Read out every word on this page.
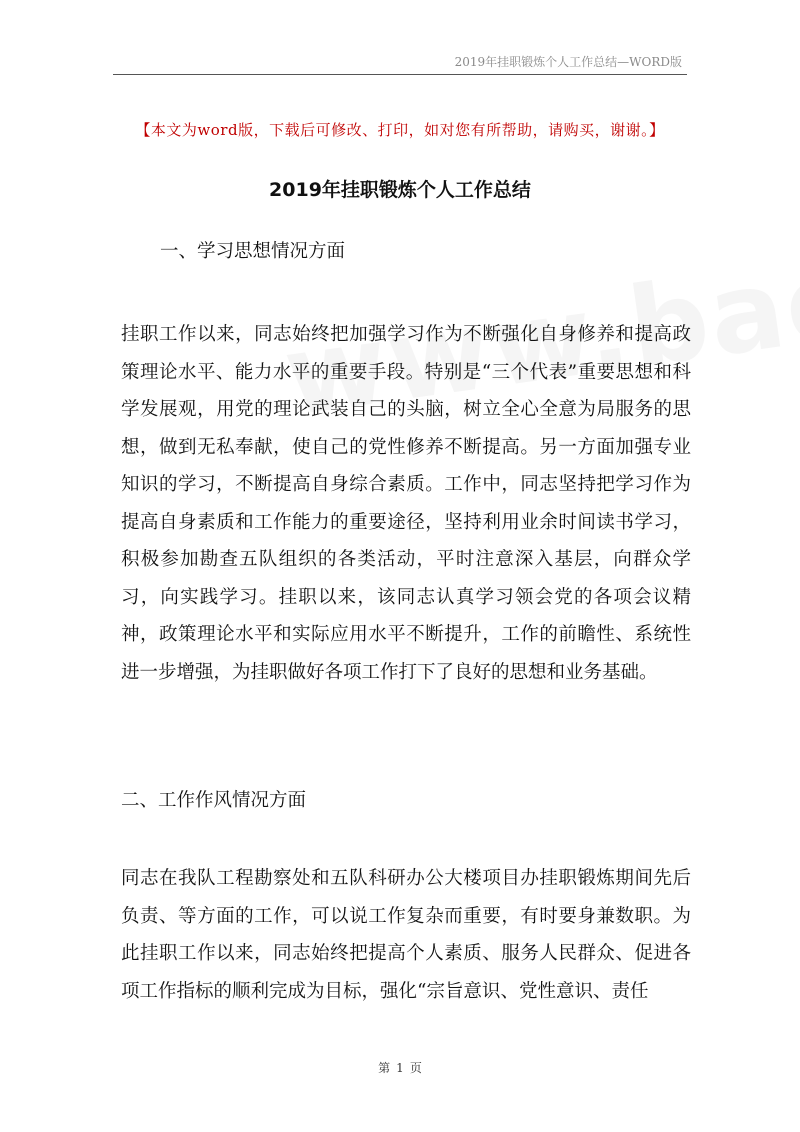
2019年挂职锻炼个人工作总结—WORD版
【本文为word版，下载后可修改、打印，如对您有所帮助，请购买，谢谢。】
2019年挂职锻炼个人工作总结
一、学习思想情况方面

挂职工作以来，同志始终把加强学习作为不断强化自身修养和提高政策理论水平、能力水平的重要手段。特别是“三个代表”重要思想和科学发展观，用党的理论武装自己的头脑，树立全心全意为局服务的思想，做到无私奉献，使自己的党性修养不断提高。另一方面加强专业知识的学习，不断提高自身综合素质。工作中，同志坚持把学习作为提高自身素质和工作能力的重要途径，坚持利用业余时间读书学习，积极参加勘查五队组织的各类活动，平时注意深入基层，向群众学习，向实践学习。挂职以来，该同志认真学习领会党的各项会议精神，政策理论水平和实际应用水平不断提升，工作的前瞻性、系统性进一步增强，为挂职做好各项工作打下了良好的思想和业务基础。

二、工作作风情况方面

同志在我队工程勘察处和五队科研办公大楼项目办挂职锻炼期间先后负责、等方面的工作，可以说工作复杂而重要，有时要身兼数职。为此挂职工作以来，同志始终把提高个人素质、服务人民群众、促进各项工作指标的顺利完成为目标，强化“宗旨意识、党性意识、责任

第 1 页
